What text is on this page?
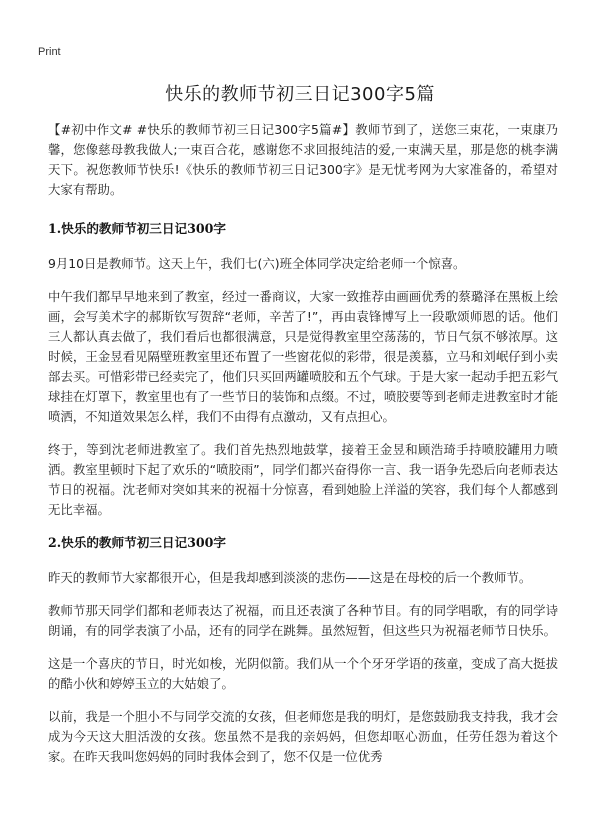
Print
快乐的教师节初三日记300字5篇

【#初中作文# #快乐的教师节初三日记300字5篇#】教师节到了，送您三束花，一束康乃馨，您像慈母教我做人;一束百合花，感谢您不求回报纯洁的爱,一束满天星，那是您的桃李满天下。祝您教师节快乐!《快乐的教师节初三日记300字》是无忧考网为大家准备的，希望对大家有帮助。

1.快乐的教师节初三日记300字

9月10日是教师节。这天上午，我们七(六)班全体同学决定给老师一个惊喜。

中午我们都早早地来到了教室，经过一番商议，大家一致推荐由画画优秀的蔡璐泽在黑板上绘画，会写美术字的郝斯钦写贺辞“老师，辛苦了!”，再由袁锋博写上一段歌颂师恩的话。他们三人都认真去做了，我们看后也都很满意，只是觉得教室里空荡荡的，节日气氛不够浓厚。这时候，王金昱看见隔壁班教室里还布置了一些窗花似的彩带，很是羡慕，立马和刘岷仔到小卖部去买。可惜彩带已经卖完了，他们只买回两罐喷胶和五个气球。于是大家一起动手把五彩气球挂在灯罩下，教室里也有了一些节日的装饰和点缀。不过，喷胶要等到老师走进教室时才能喷洒，不知道效果怎么样，我们不由得有点激动，又有点担心。

终于，等到沈老师进教室了。我们首先热烈地鼓掌，接着王金昱和顾浩琦手持喷胶罐用力喷洒。教室里顿时下起了欢乐的“喷胶雨”，同学们都兴奋得你一言、我一语争先恐后向老师表达节日的祝福。沈老师对突如其来的祝福十分惊喜，看到她脸上洋溢的笑容，我们每个人都感到无比幸福。

2.快乐的教师节初三日记300字

昨天的教师节大家都很开心，但是我却感到淡淡的悲伤——这是在母校的后一个教师节。

教师节那天同学们都和老师表达了祝福，而且还表演了各种节目。有的同学唱歌，有的同学诗朗诵，有的同学表演了小品，还有的同学在跳舞。虽然短暂，但这些只为祝福老师节日快乐。

这是一个喜庆的节日，时光如梭，光阴似箭。我们从一个个牙牙学语的孩童，变成了高大挺拔的酷小伙和婷婷玉立的大姑娘了。

以前，我是一个胆小不与同学交流的女孩，但老师您是我的明灯，是您鼓励我支持我，我才会成为今天这大胆活泼的女孩。您虽然不是我的亲妈妈，但您却呕心沥血，任劳任怨为着这个家。在昨天我叫您妈妈的同时我体会到了，您不仅是一位优秀
